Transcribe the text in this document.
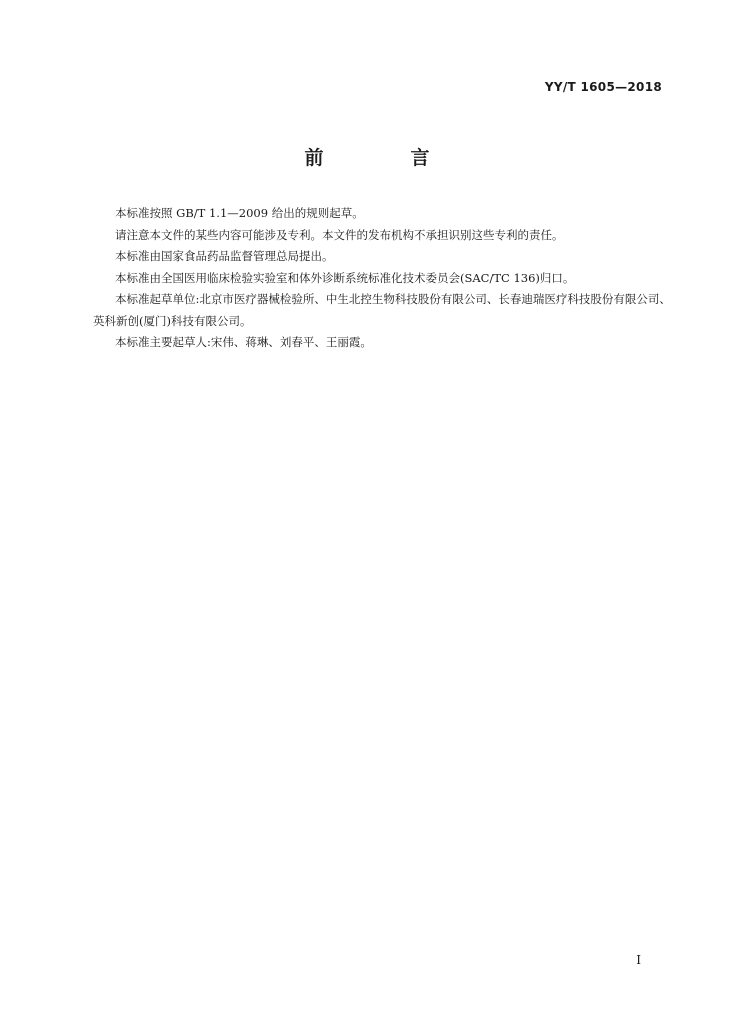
YY/T 1605—2018
前　言

本标准按照 GB/T 1.1—2009 给出的规则起草。

请注意本文件的某些内容可能涉及专利。本文件的发布机构不承担识别这些专利的责任。

本标准由国家食品药品监督管理总局提出。

本标准由全国医用临床检验实验室和体外诊断系统标准化技术委员会(SAC/TC 136)归口。

本标准起草单位:北京市医疗器械检验所、中生北控生物科技股份有限公司、长春迪瑞医疗科技股份有限公司、英科新创(厦门)科技有限公司。

本标准主要起草人:宋伟、蒋琳、刘春平、王丽霞。

I
